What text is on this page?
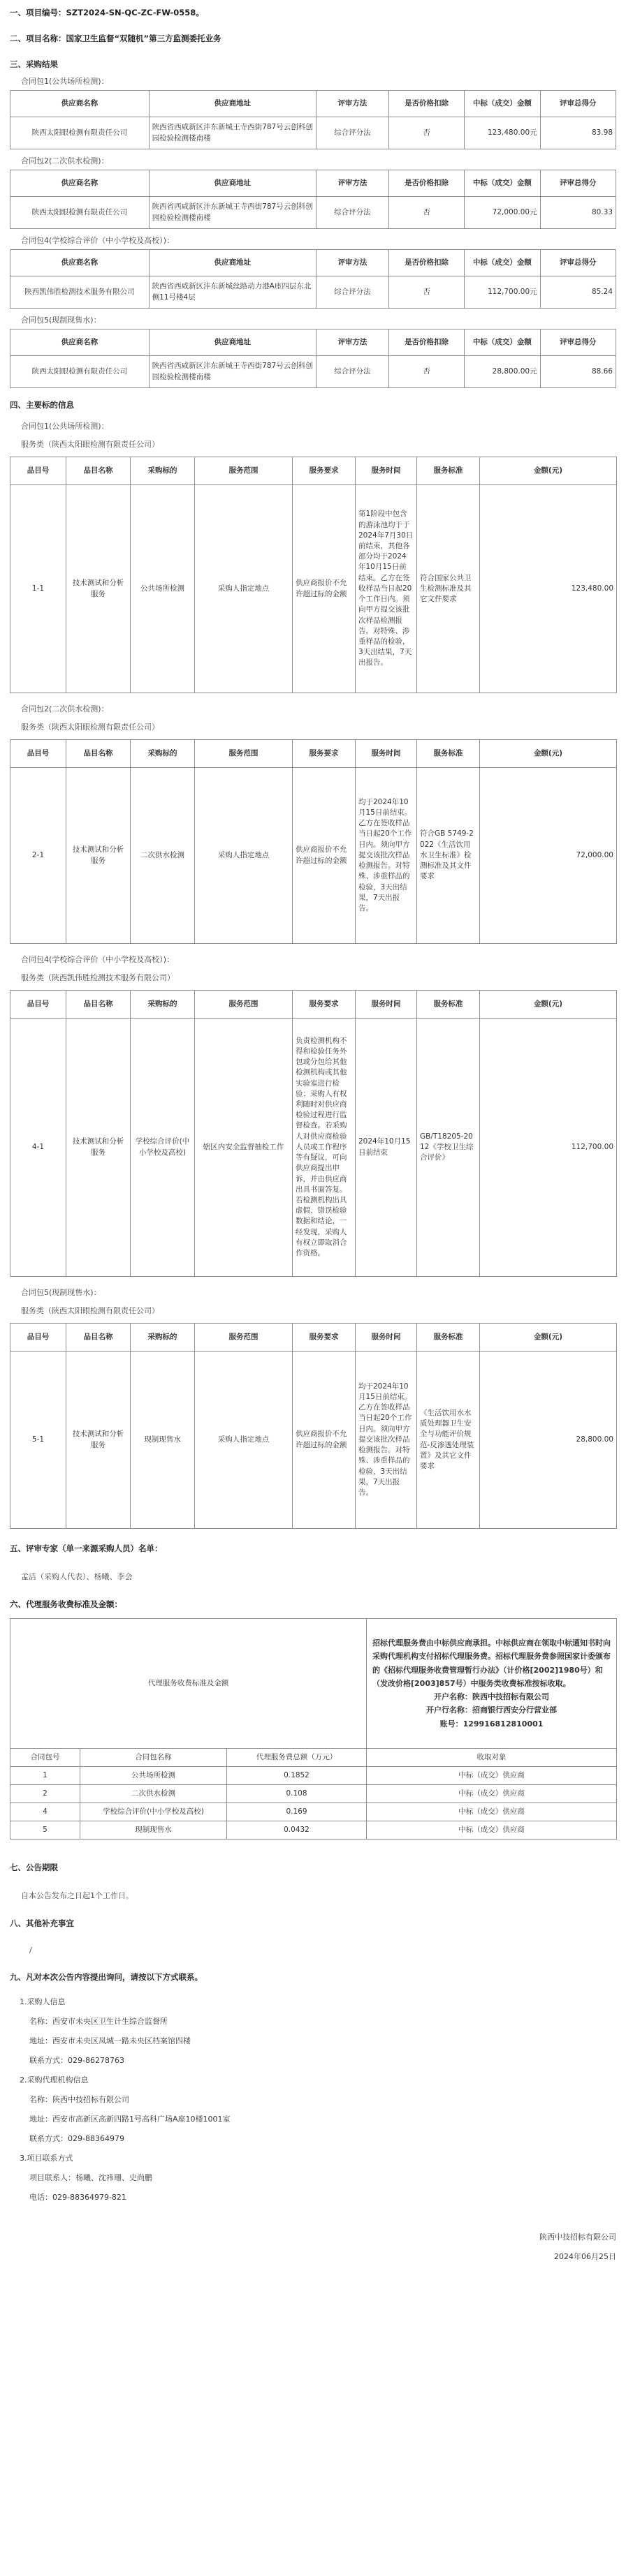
一、项目编号：SZT2024-SN-QC-ZC-FW-0558。

二、项目名称：国家卫生监督“双随机”第三方监测委托业务

三、采购结果

合同包1(公共场所检测)：

供应商名称	供应商地址	评审方法	是否价格扣除	中标（成交）金额	评审总得分
陕西太阳眼检测有限责任公司	陕西省西咸新区沣东新城王寺西街787号云创科创园检验检测楼南楼	综合评分法	否	123,480.00元	83.98

合同包2(二次供水检测)：

供应商名称	供应商地址	评审方法	是否价格扣除	中标（成交）金额	评审总得分
陕西太阳眼检测有限责任公司	陕西省西咸新区沣东新城王寺西街787号云创科创园检验检测楼南楼	综合评分法	否	72,000.00元	80.33

合同包4(学校综合评价（中小学校及高校）)：

供应商名称	供应商地址	评审方法	是否价格扣除	中标（成交）金额	评审总得分
陕西凯伟胜检测技术服务有限公司	陕西省西咸新区沣东新城丝路动力港A座四层东北侧11号楼4层	综合评分法	否	112,700.00元	85.24

合同包5(现制现售水)：

供应商名称	供应商地址	评审方法	是否价格扣除	中标（成交）金额	评审总得分
陕西太阳眼检测有限责任公司	陕西省西咸新区沣东新城王寺西街787号云创科创园检验检测楼南楼	综合评分法	否	28,800.00元	88.66

四、主要标的信息

合同包1(公共场所检测)：

服务类（陕西太阳眼检测有限责任公司）

品目号	品目名称	采购标的	服务范围	服务要求	服务时间	服务标准	金额(元)
1-1	技术测试和分析服务	公共场所检测	采购人指定地点	供应商报价不允许超过标的金额	第1阶段中包含的游泳池均于于2024年7月30日前结束，其他各部分均于2024年10月15日前结束。乙方在签收样品当日起20个工作日内。须向甲方提交该批次样品检测报告。对特殊、涉重样品的检验，3天出结果，7天出报告。	符合国家公共卫生检测标准及其它文件要求	123,480.00

合同包2(二次供水检测)：

服务类（陕西太阳眼检测有限责任公司）

品目号	品目名称	采购标的	服务范围	服务要求	服务时间	服务标准	金额(元)
2-1	技术测试和分析服务	二次供水检测	采购人指定地点	供应商报价不允许超过标的金额	均于2024年10月15日前结束。乙方在签收样品当日起20个工作日内。须向甲方提交该批次样品检测报告。对特殊、涉重样品的检验，3天出结果，7天出报告。	符合GB 5749-2022《生活饮用水卫生标准》检测标准及其文件要求	72,000.00

合同包4(学校综合评价（中小学校及高校）)：

服务类（陕西凯伟胜检测技术服务有限公司）

品目号	品目名称	采购标的	服务范围	服务要求	服务时间	服务标准	金额(元)
4-1	技术测试和分析服务	学校综合评价(中小学校及高校)	辖区内安全监督抽检工作	负责检测机构不得和检验任务外包或分包给其他检测机构或其他实验室进行检验；采购人有权利随时对供应商检验过程进行监督检查。若采购人对供应商检验人员或工作程序等有疑议，可向供应商提出申诉，并由供应商出具书面答复。若检测机构出具虚假、错误检验数据和结论，一经发现，采购人有权立即取消合作资格。	2024年10月15日前结束	GB/T18205-2012《学校卫生综合评价》	112,700.00

合同包5(现制现售水)：

服务类（陕西太阳眼检测有限责任公司）

品目号	品目名称	采购标的	服务范围	服务要求	服务时间	服务标准	金额(元)
5-1	技术测试和分析服务	现制现售水	采购人指定地点	供应商报价不允许超过标的金额	均于2024年10月15日前结束。乙方在签收样品当日起20个工作日内。须向甲方提交该批次样品检测报告。对特殊、涉重样品的检验，3天出结果，7天出报告。	《生活饮用水水质处理器卫生安全与功能评价规范-反渗透处理装置》及其它文件要求	28,800.00

五、评审专家（单一来源采购人员）名单：

孟洁（采购人代表）、杨曦、李会

六、代理服务收费标准及金额：

代理服务收费标准及金额			招标代理服务费由中标供应商承担。中标供应商在领取中标通知书时向采购代理机构支付招标代理服务费。招标代理服务费参照国家计委颁布的《招标代理服务收费管理暂行办法》（计价格[2002]1980号）和（发改价格[2003]857号）中服务类收费标准按标收取。
开户名称：陕西中技招标有限公司
开户行名称：招商银行西安分行营业部
账号：129916812810001

合同包号	合同包名称	代理服务费总额（万元）	收取对象
1	公共场所检测	0.1852	中标（成交）供应商
2	二次供水检测	0.108	中标（成交）供应商
4	学校综合评价(中小学校及高校)	0.169	中标（成交）供应商
5	现制现售水	0.0432	中标（成交）供应商

七、公告期限

自本公告发布之日起1个工作日。

八、其他补充事宜

/

九、凡对本次公告内容提出询问，请按以下方式联系。

1.采购人信息

名称：西安市未央区卫生计生综合监督所

地址：西安市未央区凤城一路未央区档案馆四楼

联系方式：029-86278763

2.采购代理机构信息

名称：陕西中技招标有限公司

地址：西安市高新区高新四路1号高科广场A座10楼1001室

联系方式：029-88364979

3.项目联系方式

项目联系人：杨曦、沈祎珊、史尚鹏

电话：029-88364979-821

陕西中技招标有限公司

2024年06月25日
